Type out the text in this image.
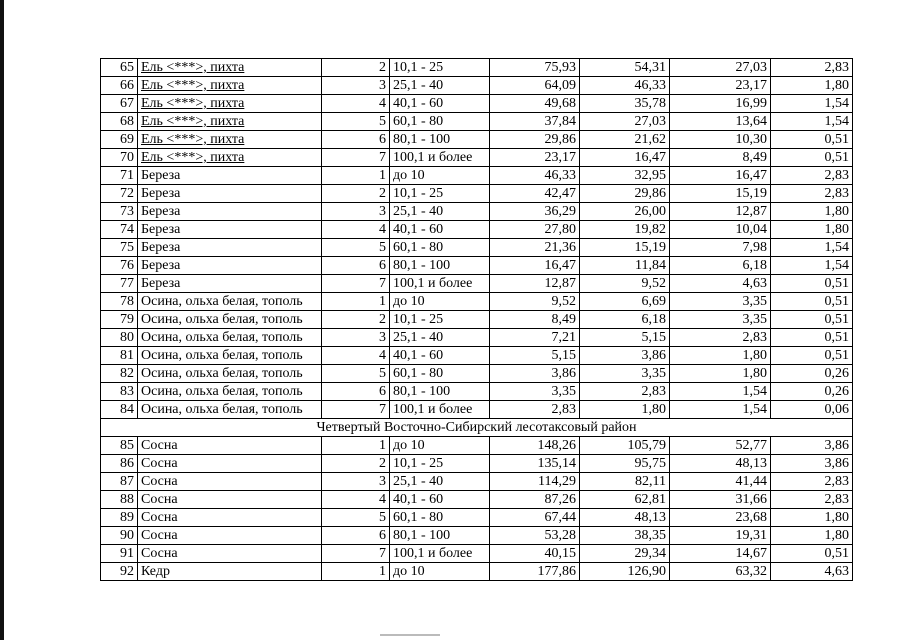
65	Ель <***>, пихта	2	10,1 - 25	75,93	54,31	27,03	2,83
66	Ель <***>, пихта	3	25,1 - 40	64,09	46,33	23,17	1,80
67	Ель <***>, пихта	4	40,1 - 60	49,68	35,78	16,99	1,54
68	Ель <***>, пихта	5	60,1 - 80	37,84	27,03	13,64	1,54
69	Ель <***>, пихта	6	80,1 - 100	29,86	21,62	10,30	0,51
70	Ель <***>, пихта	7	100,1 и более	23,17	16,47	8,49	0,51
71	Береза	1	до 10	46,33	32,95	16,47	2,83
72	Береза	2	10,1 - 25	42,47	29,86	15,19	2,83
73	Береза	3	25,1 - 40	36,29	26,00	12,87	1,80
74	Береза	4	40,1 - 60	27,80	19,82	10,04	1,80
75	Береза	5	60,1 - 80	21,36	15,19	7,98	1,54
76	Береза	6	80,1 - 100	16,47	11,84	6,18	1,54
77	Береза	7	100,1 и более	12,87	9,52	4,63	0,51
78	Осина, ольха белая, тополь	1	до 10	9,52	6,69	3,35	0,51
79	Осина, ольха белая, тополь	2	10,1 - 25	8,49	6,18	3,35	0,51
80	Осина, ольха белая, тополь	3	25,1 - 40	7,21	5,15	2,83	0,51
81	Осина, ольха белая, тополь	4	40,1 - 60	5,15	3,86	1,80	0,51
82	Осина, ольха белая, тополь	5	60,1 - 80	3,86	3,35	1,80	0,26
83	Осина, ольха белая, тополь	6	80,1 - 100	3,35	2,83	1,54	0,26
84	Осина, ольха белая, тополь	7	100,1 и более	2,83	1,80	1,54	0,06
Четвертый Восточно-Сибирский лесотаксовый район							
85	Сосна	1	до 10	148,26	105,79	52,77	3,86
86	Сосна	2	10,1 - 25	135,14	95,75	48,13	3,86
87	Сосна	3	25,1 - 40	114,29	82,11	41,44	2,83
88	Сосна	4	40,1 - 60	87,26	62,81	31,66	2,83
89	Сосна	5	60,1 - 80	67,44	48,13	23,68	1,80
90	Сосна	6	80,1 - 100	53,28	38,35	19,31	1,80
91	Сосна	7	100,1 и более	40,15	29,34	14,67	0,51
92	Кедр	1	до 10	177,86	126,90	63,32	4,63
